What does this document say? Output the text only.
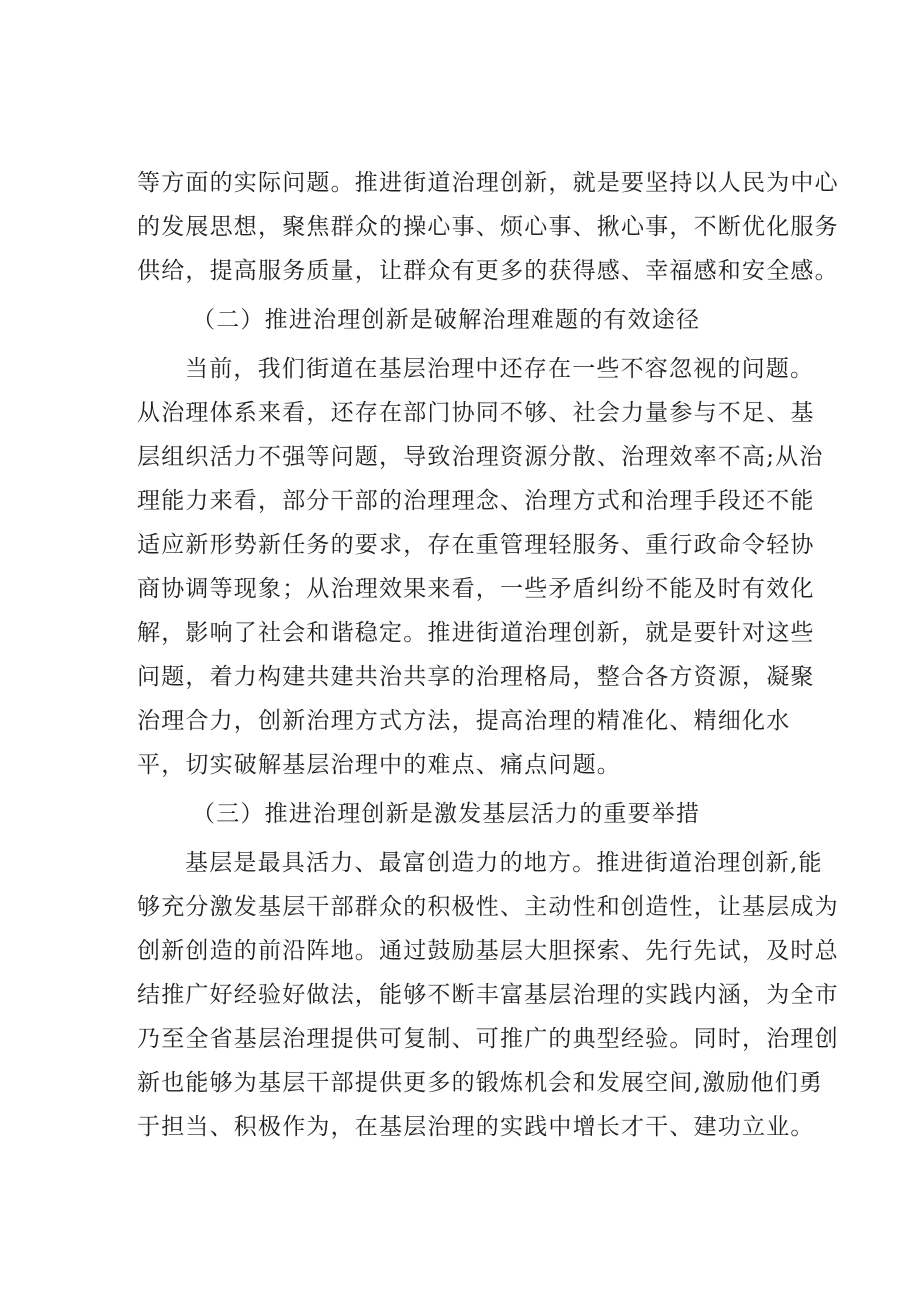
等方面的实际问题。推进街道治理创新，就是要坚持以人民为中心
的发展思想，聚焦群众的操心事、烦心事、揪心事，不断优化服务
供给，提高服务质量，让群众有更多的获得感、幸福感和安全感。
（二）推进治理创新是破解治理难题的有效途径
当前，我们街道在基层治理中还存在一些不容忽视的问题。
从治理体系来看，还存在部门协同不够、社会力量参与不足、基
层组织活力不强等问题，导致治理资源分散、治理效率不高;从治
理能力来看，部分干部的治理理念、治理方式和治理手段还不能
适应新形势新任务的要求，存在重管理轻服务、重行政命令轻协
商协调等现象；从治理效果来看，一些矛盾纠纷不能及时有效化
解，影响了社会和谐稳定。推进街道治理创新，就是要针对这些
问题，着力构建共建共治共享的治理格局，整合各方资源，凝聚
治理合力，创新治理方式方法，提高治理的精准化、精细化水
平，切实破解基层治理中的难点、痛点问题。
（三）推进治理创新是激发基层活力的重要举措
基层是最具活力、最富创造力的地方。推进街道治理创新,能
够充分激发基层干部群众的积极性、主动性和创造性，让基层成为
创新创造的前沿阵地。通过鼓励基层大胆探索、先行先试，及时总
结推广好经验好做法，能够不断丰富基层治理的实践内涵，为全市
乃至全省基层治理提供可复制、可推广的典型经验。同时，治理创
新也能够为基层干部提供更多的锻炼机会和发展空间,激励他们勇
于担当、积极作为，在基层治理的实践中增长才干、建功立业。
